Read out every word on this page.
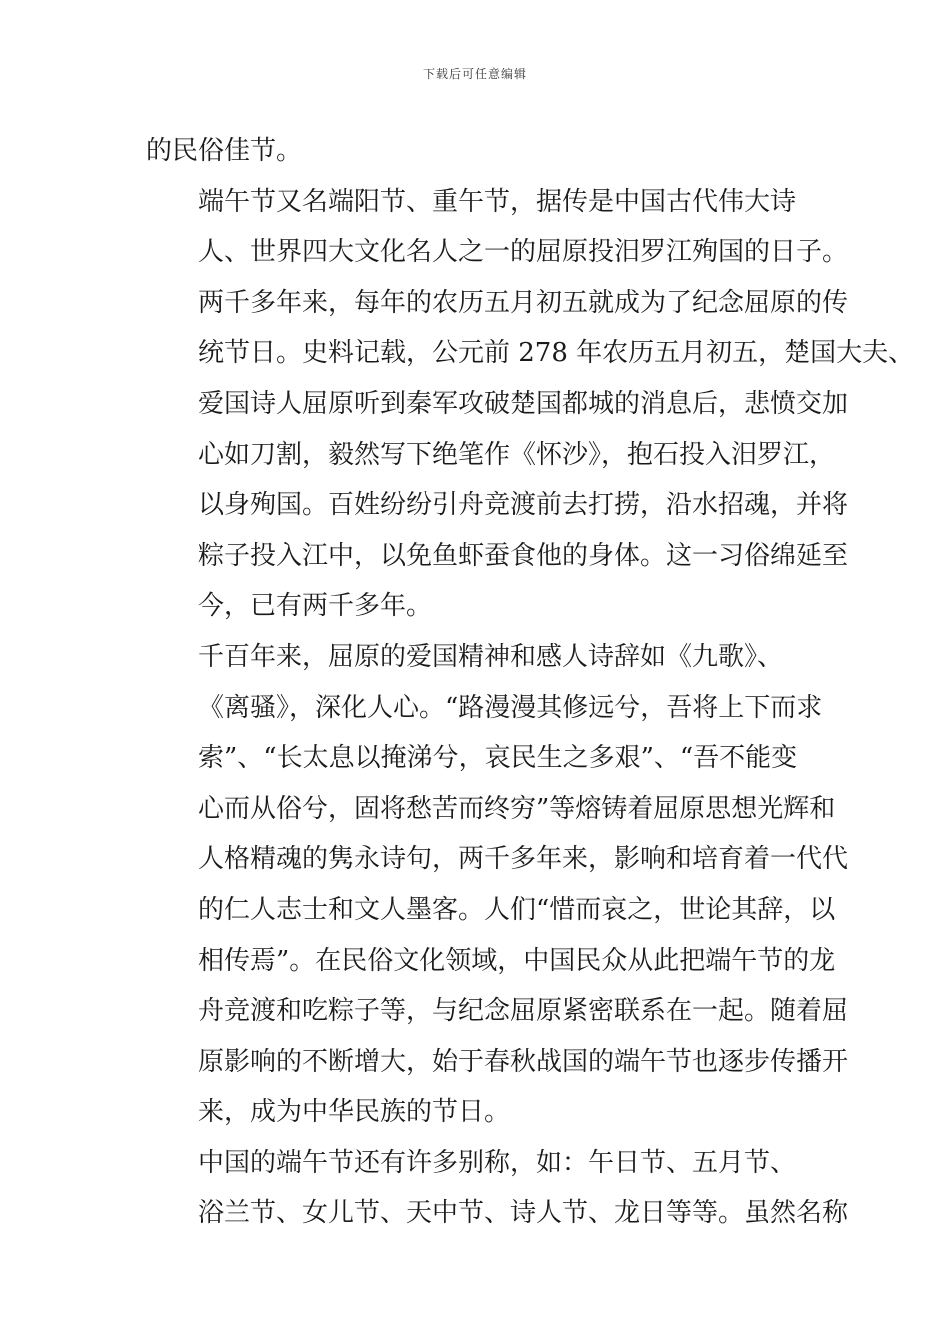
下载后可任意编辑

的民俗佳节。

端午节又名端阳节、重午节，据传是中国古代伟大诗
人、世界四大文化名人之一的屈原投汨罗江殉国的日子。
两千多年来，每年的农历五月初五就成为了纪念屈原的传
统节日。史料记载，公元前 278 年农历五月初五，楚国大夫、
爱国诗人屈原听到秦军攻破楚国都城的消息后，悲愤交加
心如刀割，毅然写下绝笔作《怀沙》，抱石投入汨罗江，
以身殉国。百姓纷纷引舟竞渡前去打捞，沿水招魂，并将
粽子投入江中，以免鱼虾蚕食他的身体。这一习俗绵延至
今，已有两千多年。

千百年来，屈原的爱国精神和感人诗辞如《九歌》、
《离骚》，深化人心。“路漫漫其修远兮，吾将上下而求
索”、“长太息以掩涕兮，哀民生之多艰”、“吾不能变
心而从俗兮，固将愁苦而终穷”等熔铸着屈原思想光辉和
人格精魂的隽永诗句，两千多年来，影响和培育着一代代
的仁人志士和文人墨客。人们“惜而哀之，世论其辞，以
相传焉”。在民俗文化领域，中国民众从此把端午节的龙
舟竞渡和吃粽子等，与纪念屈原紧密联系在一起。随着屈
原影响的不断增大，始于春秋战国的端午节也逐步传播开
来，成为中华民族的节日。

中国的端午节还有许多别称，如：午日节、五月节、
浴兰节、女儿节、天中节、诗人节、龙日等等。虽然名称
